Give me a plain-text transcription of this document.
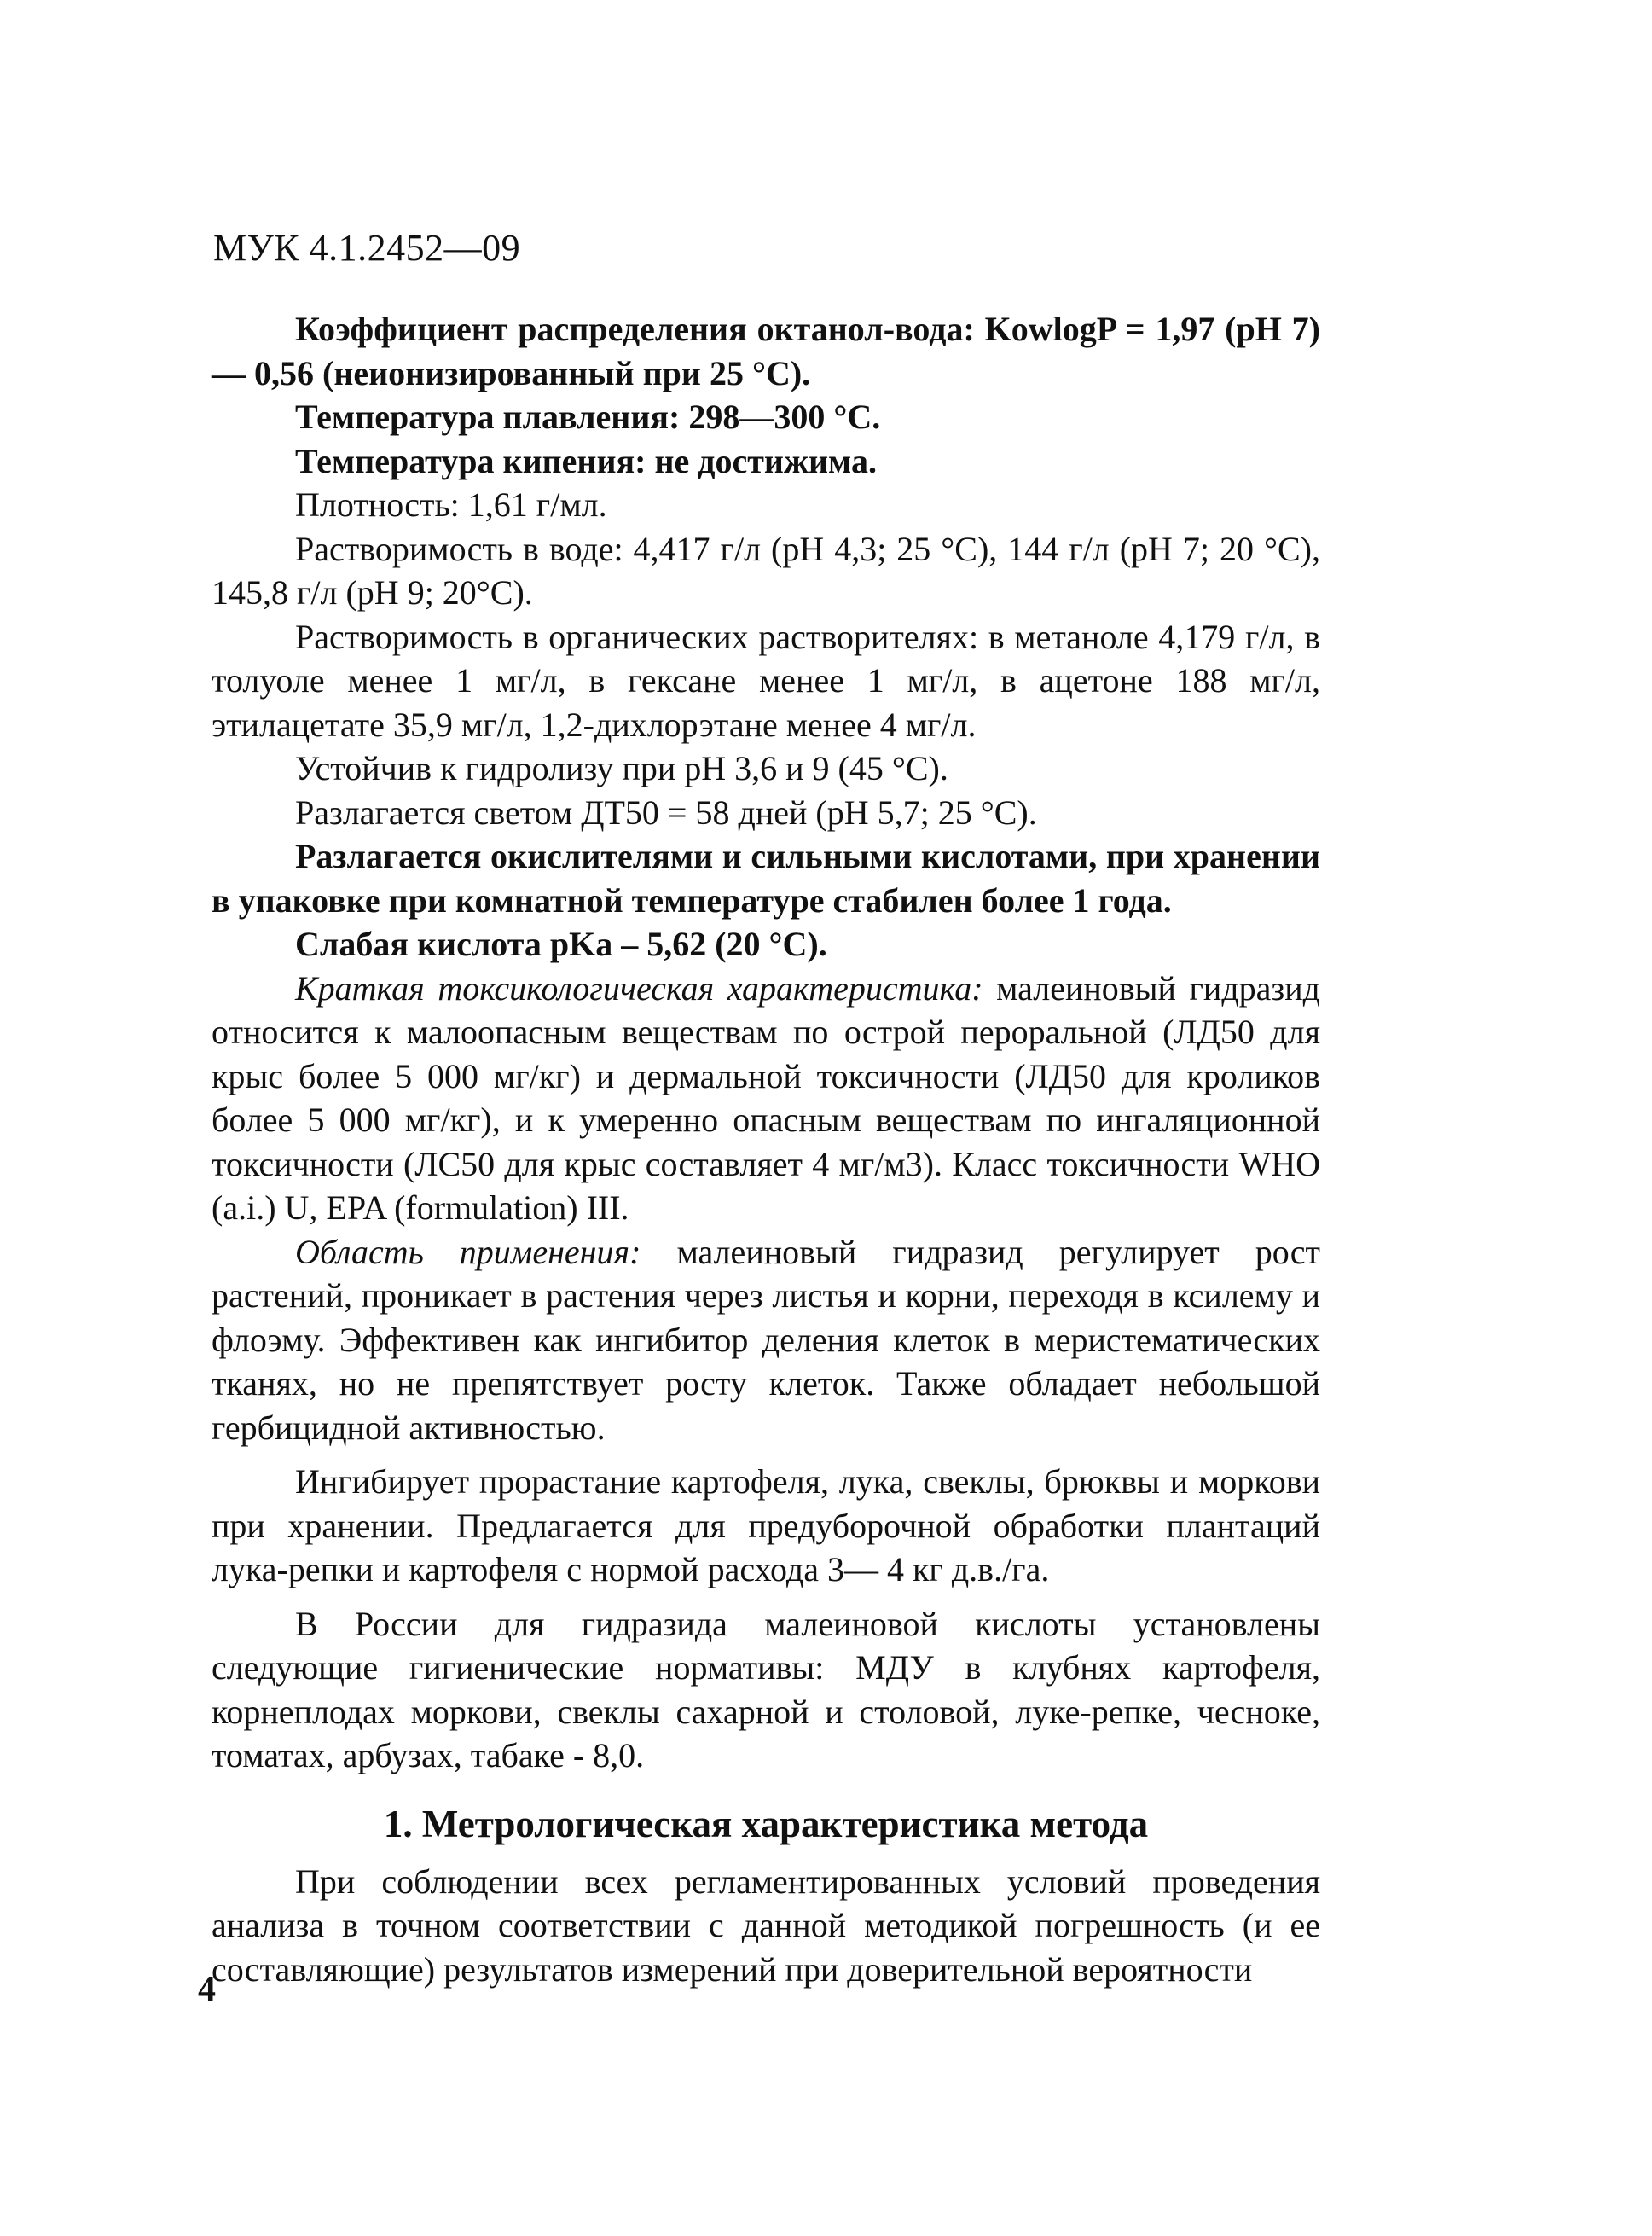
МУК 4.1.2452—09

Коэффициент распределения октанол-вода: KowlogP = 1,97 (pH 7) — 0,56 (неионизированный при 25 °С).

Температура плавления: 298—300 °С.

Температура кипения: не достижима.

Плотность: 1,61 г/мл.

Растворимость в воде: 4,417 г/л (pH 4,3; 25 °С), 144 г/л (pH 7; 20 °С), 145,8 г/л (pH 9; 20°С).

Растворимость в органических растворителях: в метаноле 4,179 г/л, в толуоле менее 1 мг/л, в гексане менее 1 мг/л, в ацетоне 188 мг/л, этилацетате 35,9 мг/л, 1,2-дихлорэтане менее 4 мг/л.

Устойчив к гидролизу при pH 3,6 и 9 (45 °С).

Разлагается светом ДТ50 = 58 дней (pH 5,7; 25 °С).

Разлагается окислителями и сильными кислотами, при хранении в упаковке при комнатной температуре стабилен более 1 года.

Слабая кислота pKa – 5,62 (20 °С).

Краткая токсикологическая характеристика: малеиновый гидразид относится к малоопасным веществам по острой пероральной (ЛД50 для крыс более 5 000 мг/кг) и дермальной токсичности (ЛД50 для кроликов более 5 000 мг/кг), и к умеренно опасным веществам по ингаляционной токсичности (ЛС50 для крыс составляет 4 мг/м3). Класс токсичности WHO (a.i.) U, EPA (formulation) III.

Область применения: малеиновый гидразид регулирует рост растений, проникает в растения через листья и корни, переходя в ксилему и флоэму. Эффективен как ингибитор деления клеток в меристематических тканях, но не препятствует росту клеток. Также обладает небольшой гербицидной активностью.

Ингибирует прорастание картофеля, лука, свеклы, брюквы и моркови при хранении. Предлагается для предуборочной обработки плантаций лука-репки и картофеля с нормой расхода 3— 4 кг д.в./га.

В России для гидразида малеиновой кислоты установлены следующие гигиенические нормативы: МДУ в клубнях картофеля, корнеплодах моркови, свеклы сахарной и столовой, луке-репке, чесноке, томатах, арбузах, табаке - 8,0.

1. Метрологическая характеристика метода

При соблюдении всех регламентированных условий проведения анализа в точном соответствии с данной методикой погрешность (и ее составляющие) результатов измерений при доверительной вероятности

4
